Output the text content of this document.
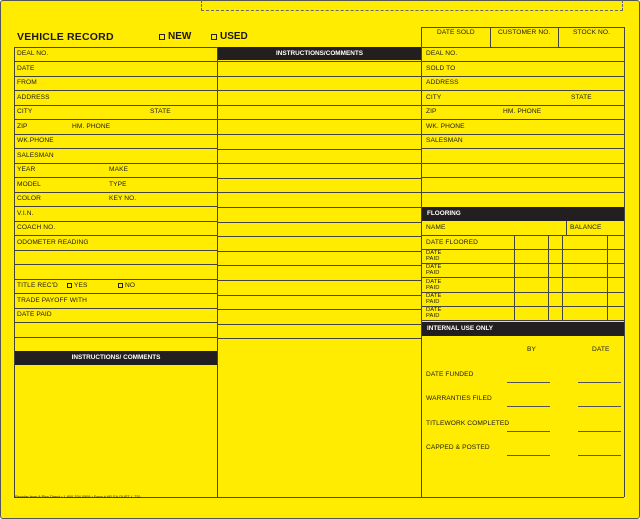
VEHICLE RECORD	NEW	USED	DATE SOLD	CUSTOMER NO.	STOCK NO.
DEAL NO.
DATE
FROM
ADDRESS
CITY	STATE
ZIP	HM. PHONE
WK.PHONE
SALESMAN
YEAR	MAKE
MODEL	TYPE
COLOR	KEY NO.
V.I.N.
COACH NO.
ODOMETER READING
TITLE REC'D	YES	NO
TRADE PAYOFF WITH
DATE PAID
INSTRUCTIONS/ COMMENTS
INSTRUCTIONS/COMMENTS	DEAL NO.
SOLD TO
ADDRESS
CITY	STATE
ZIP	HM. PHONE
WK. PHONE
SALESMAN
FLOORING
NAME	BALANCE
DATE FLOORED
DATE
PAID
DATE
PAID
DATE
PAID
DATE
PAID
DATE
PAID
INTERNAL USE ONLY
BY	DATE
DATE FUNDED
WARRANTIES FILED
TITLEWORK COMPLETED
CAPPED & POSTED
Reorder from A Plus Direct • 1-800-334-0509 • Form # AP-SA-DUST L-720
